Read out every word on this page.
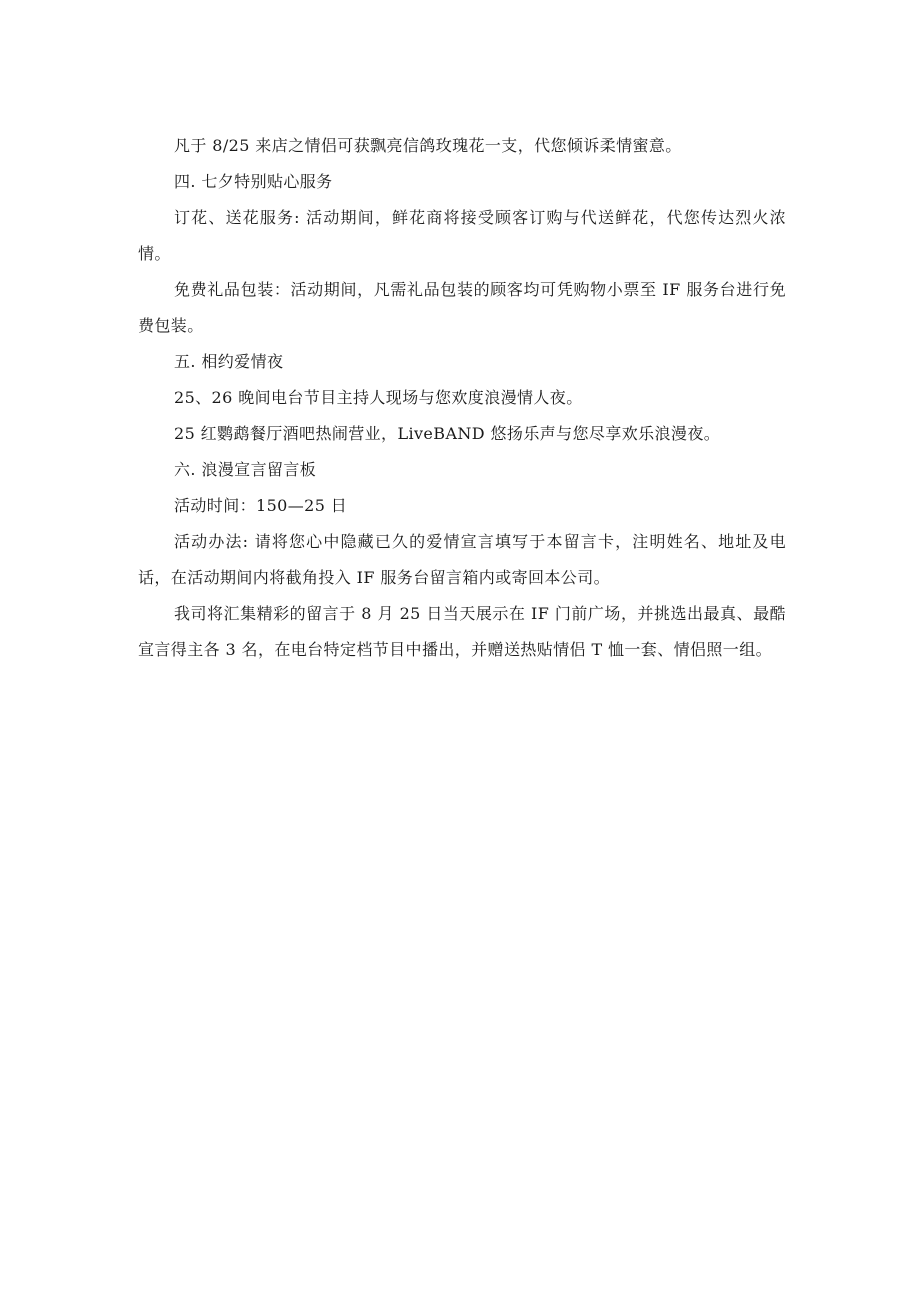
凡于 8/25 来店之情侣可获飘亮信鸽玫瑰花一支，代您倾诉柔情蜜意。

四. 七夕特别贴心服务

订花、送花服务: 活动期间，鲜花商将接受顾客订购与代送鲜花，代您传达烈火浓情。

免费礼品包装：活动期间，凡需礼品包装的顾客均可凭购物小票至 IF 服务台进行免费包装。

五. 相约爱情夜

25、26 晚间电台节目主持人现场与您欢度浪漫情人夜。

25 红鹦鹉餐厅酒吧热闹营业，LiveBAND 悠扬乐声与您尽享欢乐浪漫夜。

六. 浪漫宣言留言板

活动时间：150—25 日

活动办法: 请将您心中隐藏已久的爱情宣言填写于本留言卡，注明姓名、地址及电话，在活动期间内将截角投入 IF 服务台留言箱内或寄回本公司。

我司将汇集精彩的留言于 8 月 25 日当天展示在 IF 门前广场，并挑选出最真、最酷宣言得主各 3 名，在电台特定档节目中播出，并赠送热贴情侣 T 恤一套、情侣照一组。
